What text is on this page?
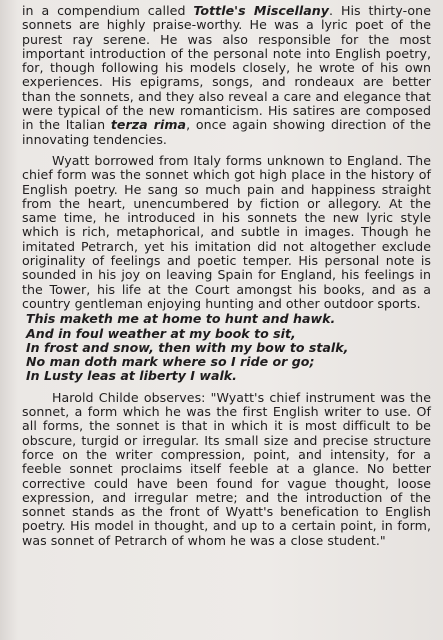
in a compendium called Tottle's Miscellany. His thirty-one sonnets are highly praise-worthy. He was a lyric poet of the purest ray serene. He was also responsible for the most important introduction of the personal note into English poetry, for, though following his models closely, he wrote of his own experiences. His epigrams, songs, and rondeaux are better than the sonnets, and they also reveal a care and elegance that were typical of the new romanticism. His satires are composed in the Italian terza rima, once again showing direction of the innovating tendencies.

Wyatt borrowed from Italy forms unknown to England. The chief form was the sonnet which got high place in the history of English poetry. He sang so much pain and happiness straight from the heart, unencumbered by fiction or allegory. At the same time, he introduced in his sonnets the new lyric style which is rich, metaphorical, and subtle in images. Though he imitated Petrarch, yet his imitation did not altogether exclude originality of feelings and poetic temper. His personal note is sounded in his joy on leaving Spain for England, his feelings in the Tower, his life at the Court amongst his books, and as a country gentleman enjoying hunting and other outdoor sports.

This maketh me at home to hunt and hawk.
And in foul weather at my book to sit,
In frost and snow, then with my bow to stalk,
No man doth mark where so I ride or go;
In Lusty leas at liberty I walk.

Harold Childe observes: "Wyatt's chief instrument was the sonnet, a form which he was the first English writer to use. Of all forms, the sonnet is that in which it is most difficult to be obscure, turgid or irregular. Its small size and precise structure force on the writer compression, point, and intensity, for a feeble sonnet proclaims itself feeble at a glance. No better corrective could have been found for vague thought, loose expression, and irregular metre; and the introduction of the sonnet stands as the front of Wyatt's benefication to English poetry. His model in thought, and up to a certain point, in form, was sonnet of Petrarch of whom he was a close student."
